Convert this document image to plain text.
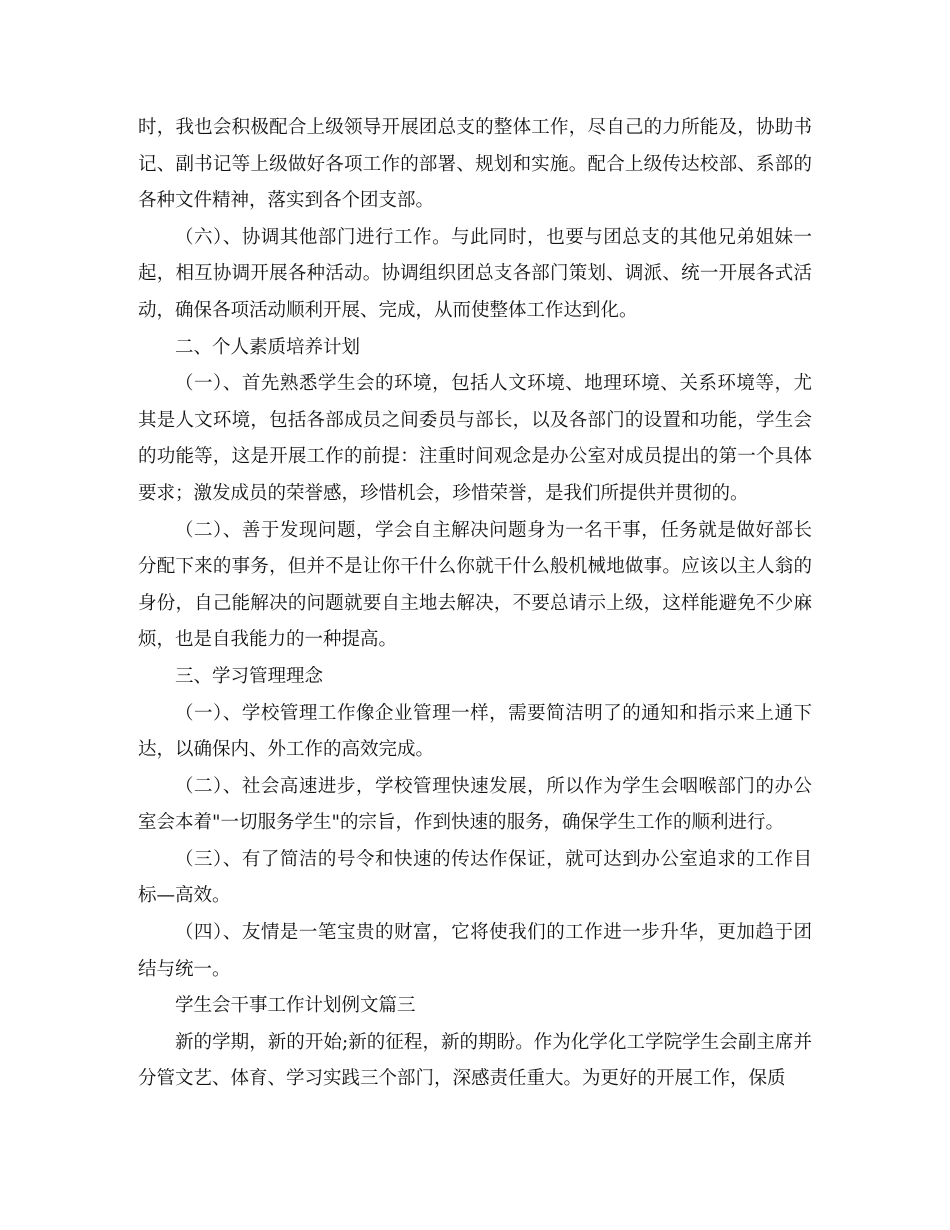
时，我也会积极配合上级领导开展团总支的整体工作，尽自己的力所能及，协助书记、副书记等上级做好各项工作的部署、规划和实施。配合上级传达校部、系部的各种文件精神，落实到各个团支部。

（六）、协调其他部门进行工作。与此同时，也要与团总支的其他兄弟姐妹一起，相互协调开展各种活动。协调组织团总支各部门策划、调派、统一开展各式活动，确保各项活动顺利开展、完成，从而使整体工作达到化。

二、个人素质培养计划

（一）、首先熟悉学生会的环境，包括人文环境、地理环境、关系环境等，尤其是人文环境，包括各部成员之间委员与部长，以及各部门的设置和功能，学生会的功能等，这是开展工作的前提：注重时间观念是办公室对成员提出的第一个具体要求；激发成员的荣誉感，珍惜机会，珍惜荣誉，是我们所提供并贯彻的。

（二）、善于发现问题，学会自主解决问题身为一名干事，任务就是做好部长分配下来的事务，但并不是让你干什么你就干什么般机械地做事。应该以主人翁的身份，自己能解决的问题就要自主地去解决，不要总请示上级，这样能避免不少麻烦，也是自我能力的一种提高。

三、学习管理理念

（一）、学校管理工作像企业管理一样，需要简洁明了的通知和指示来上通下达，以确保内、外工作的高效完成。

（二）、社会高速进步，学校管理快速发展，所以作为学生会咽喉部门的办公室会本着"一切服务学生"的宗旨，作到快速的服务，确保学生工作的顺利进行。

（三）、有了简洁的号令和快速的传达作保证，就可达到办公室追求的工作目标—高效。

（四）、友情是一笔宝贵的财富，它将使我们的工作进一步升华，更加趋于团结与统一。

学生会干事工作计划例文篇三

新的学期，新的开始;新的征程，新的期盼。作为化学化工学院学生会副主席并分管文艺、体育、学习实践三个部门，深感责任重大。为更好的开展工作，保质
